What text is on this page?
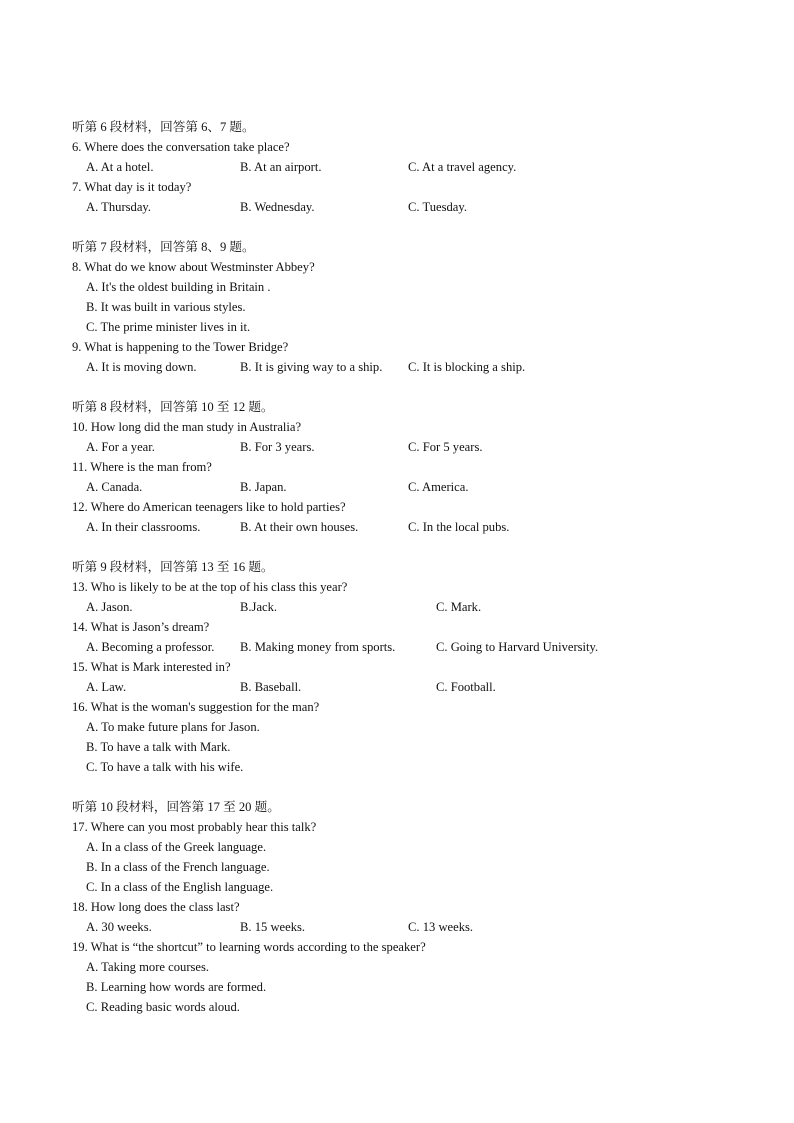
听第 6 段材料，回答第 6、7 题。
6. Where does the conversation take place?
A. At a hotel.	B. At an airport.	C. At a travel agency.
7. What day is it today?
A. Thursday.	B. Wednesday.	C. Tuesday.
听第 7 段材料，回答第 8、9 题。
8. What do we know about Westminster Abbey?
A. It's the oldest building in Britain .
B. It was built in various styles.
C. The prime minister lives in it.
9. What is happening to the Tower Bridge?
A. It is moving down.	B. It is giving way to a ship. C. It is blocking a ship.
听第 8 段材料，回答第 10 至 12 题。
10. How long did the man study in Australia?
A. For a year.	B. For 3 years.	C. For 5 years.
11. Where is the man from?
A. Canada.	B. Japan.	C. America.
12. Where do American teenagers like to hold parties?
A. In their classrooms.	B. At their own houses.	C. In the local pubs.
听第 9 段材料，回答第 13 至 16 题。
13. Who is likely to be at the top of his class this year?
A. Jason.	B.Jack.	C. Mark.
14. What is Jason’s dream?
A. Becoming a professor. B. Making money from sports.	C. Going to Harvard University.
15. What is Mark interested in?
A. Law.	B. Baseball.	C. Football.
16. What is the woman's suggestion for the man?
A. To make future plans for Jason.
B. To have a talk with Mark.
C. To have a talk with his wife.
听第 10 段材料，回答第 17 至 20 题。
17. Where can you most probably hear this talk?
A. In a class of the Greek language.
B. In a class of the French language.
C. In a class of the English language.
18. How long does the class last?
A. 30 weeks.	B. 15 weeks.	C. 13 weeks.
19. What is “the shortcut” to learning words according to the speaker?
A. Taking more courses.
B. Learning how words are formed.
C. Reading basic words aloud.
